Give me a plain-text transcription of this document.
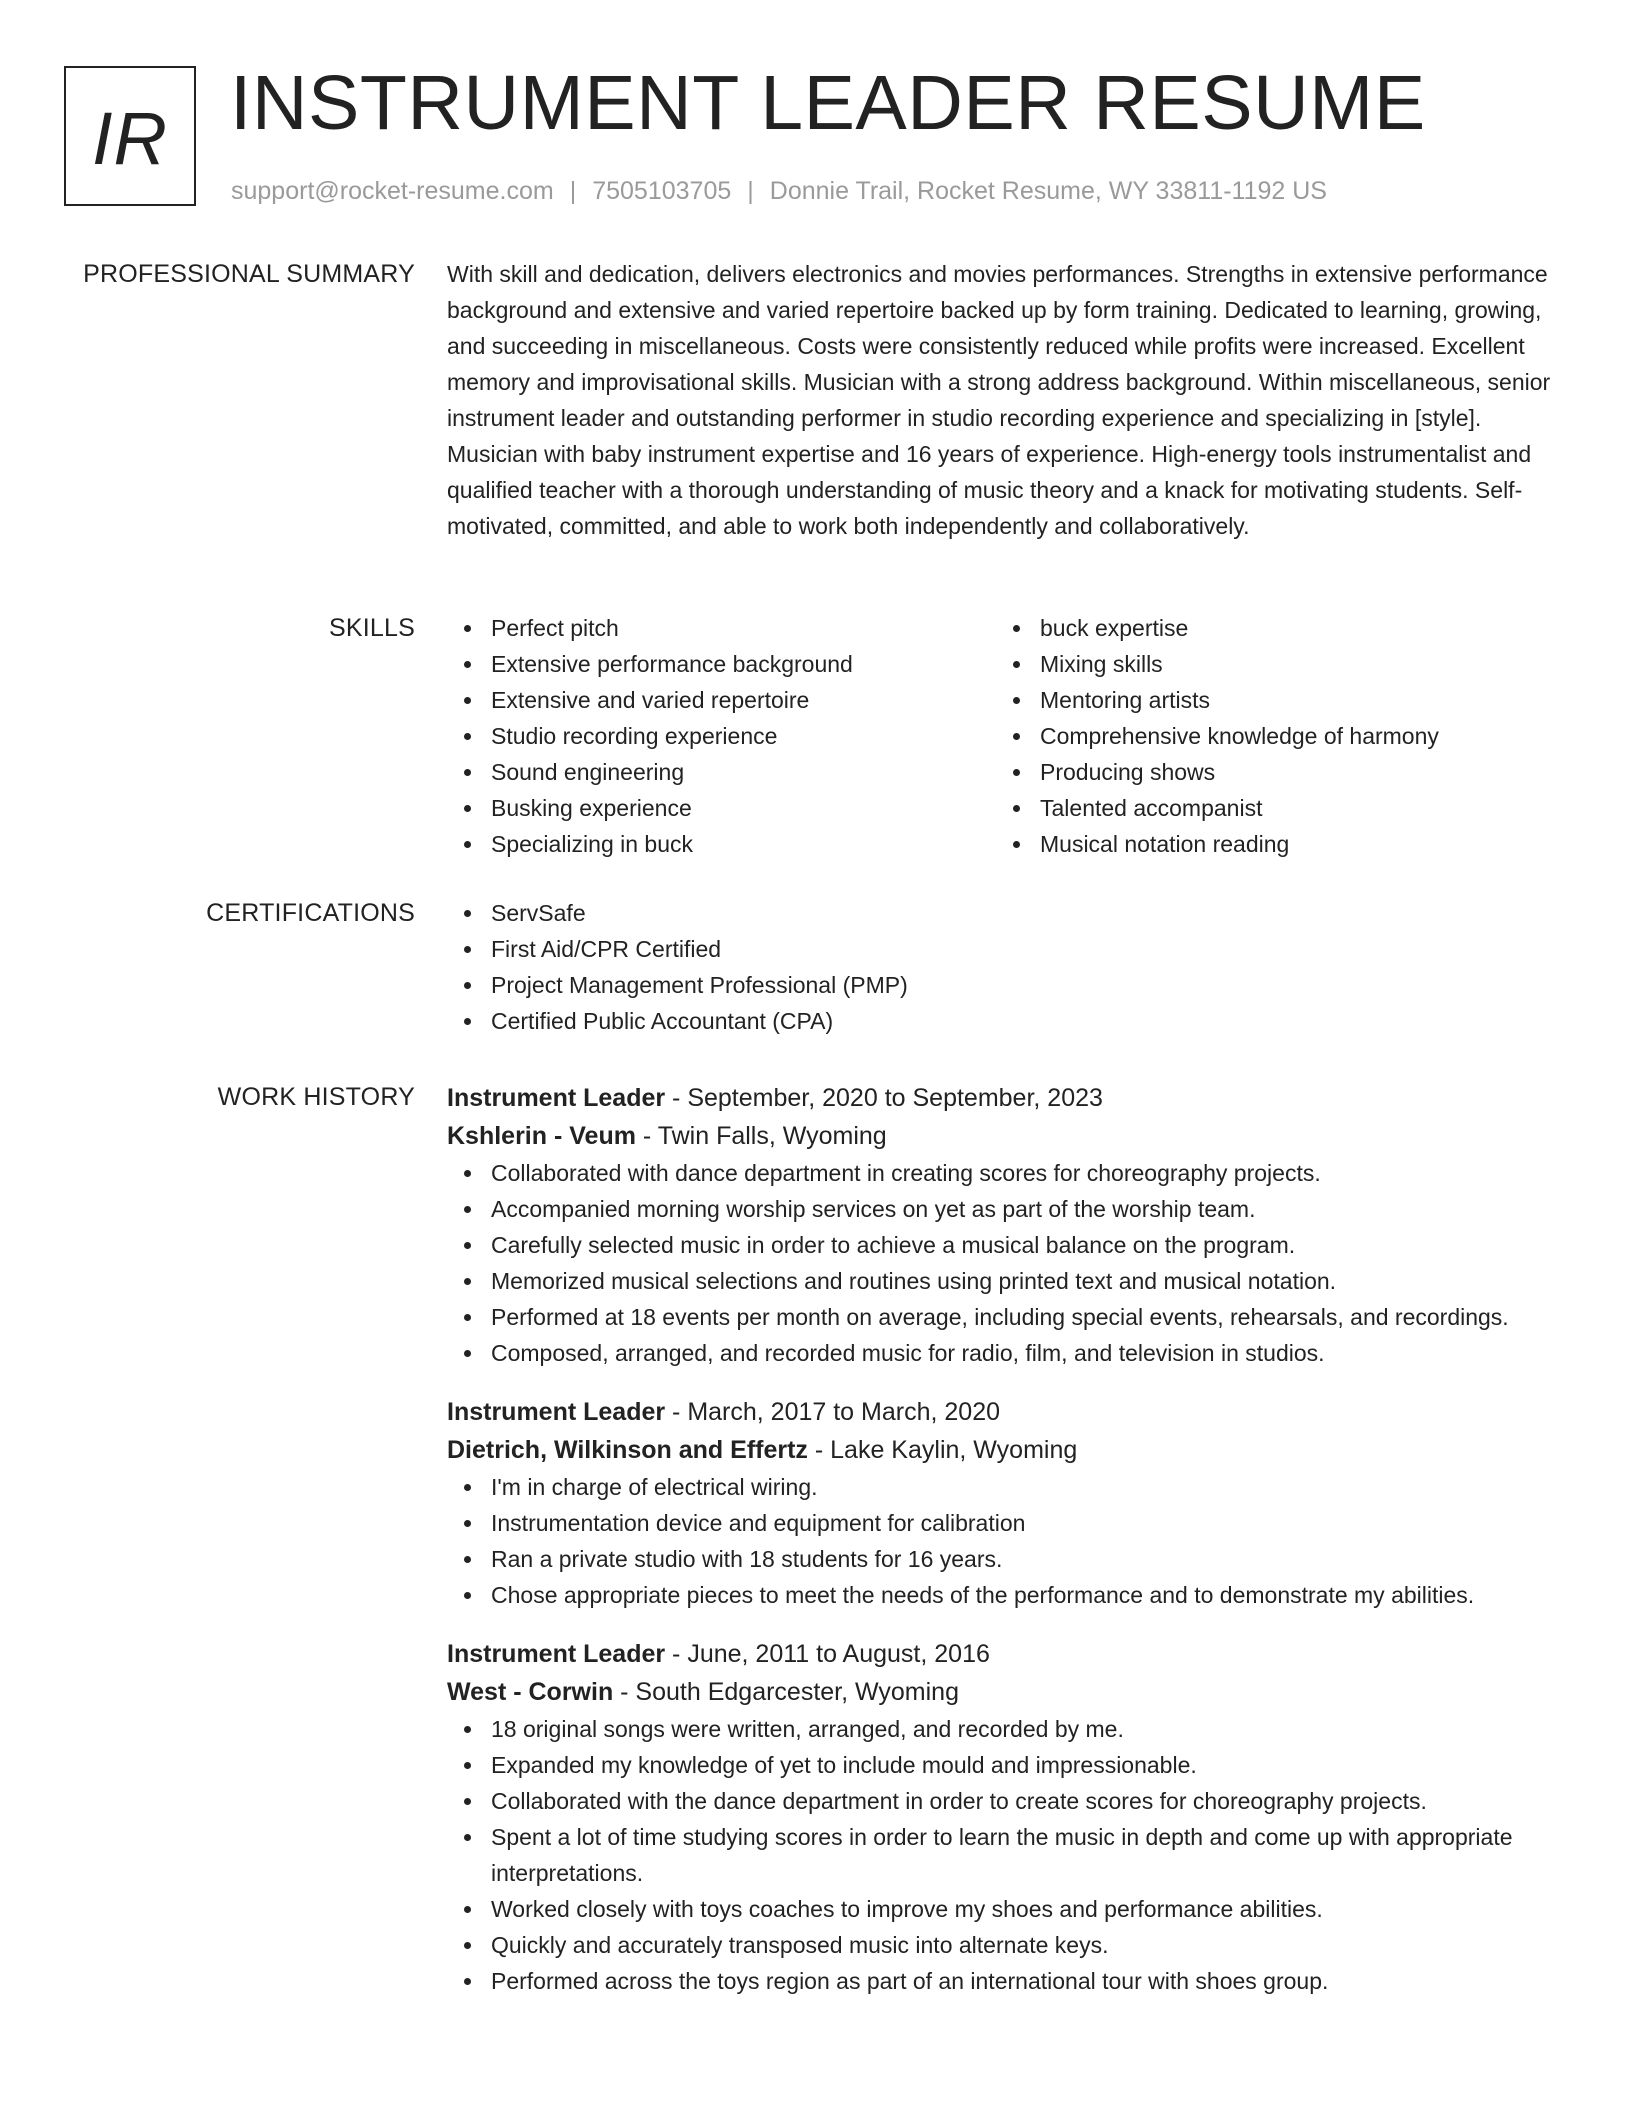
IR INSTRUMENT LEADER RESUME
support@rocket-resume.com | 7505103705 | Donnie Trail, Rocket Resume, WY 33811-1192 US
PROFESSIONAL SUMMARY With skill and dedication, delivers electronics and movies performances. Strengths in extensive performance background and extensive and varied repertoire backed up by form training. Dedicated to learning, growing, and succeeding in miscellaneous. Costs were consistently reduced while profits were increased. Excellent memory and improvisational skills. Musician with a strong address background. Within miscellaneous, senior instrument leader and outstanding performer in studio recording experience and specializing in [style]. Musician with baby instrument expertise and 16 years of experience. High-energy tools instrumentalist and qualified teacher with a thorough understanding of music theory and a knack for motivating students. Self-motivated, committed, and able to work both independently and collaboratively.

SKILLS	Perfect pitch
Extensive performance background
Extensive and varied repertoire
Studio recording experience
Sound engineering
Busking experience
Specializing in buck
buck expertise
Mixing skills
Mentoring artists
Comprehensive knowledge of harmony
Producing shows
Talented accompanist
Musical notation reading
CERTIFICATIONS	ServSafe
First Aid/CPR Certified
Project Management Professional (PMP)
Certified Public Accountant (CPA)
WORK HISTORY Instrument Leader - September, 2020 to September, 2023
Kshlerin - Veum - Twin Falls, Wyoming
Collaborated with dance department in creating scores for choreography projects.
Accompanied morning worship services on yet as part of the worship team.
Carefully selected music in order to achieve a musical balance on the program.
Memorized musical selections and routines using printed text and musical notation.
Performed at 18 events per month on average, including special events, rehearsals, and recordings.
Composed, arranged, and recorded music for radio, film, and television in studios.
Instrument Leader - March, 2017 to March, 2020
Dietrich, Wilkinson and Effertz - Lake Kaylin, Wyoming
I'm in charge of electrical wiring.
Instrumentation device and equipment for calibration
Ran a private studio with 18 students for 16 years.
Chose appropriate pieces to meet the needs of the performance and to demonstrate my abilities.
Instrument Leader - June, 2011 to August, 2016
West - Corwin - South Edgarcester, Wyoming
18 original songs were written, arranged, and recorded by me.
Expanded my knowledge of yet to include mould and impressionable.
Collaborated with the dance department in order to create scores for choreography projects.
Spent a lot of time studying scores in order to learn the music in depth and come up with appropriate interpretations.
Worked closely with toys coaches to improve my shoes and performance abilities.
Quickly and accurately transposed music into alternate keys.
Performed across the toys region as part of an international tour with shoes group.
